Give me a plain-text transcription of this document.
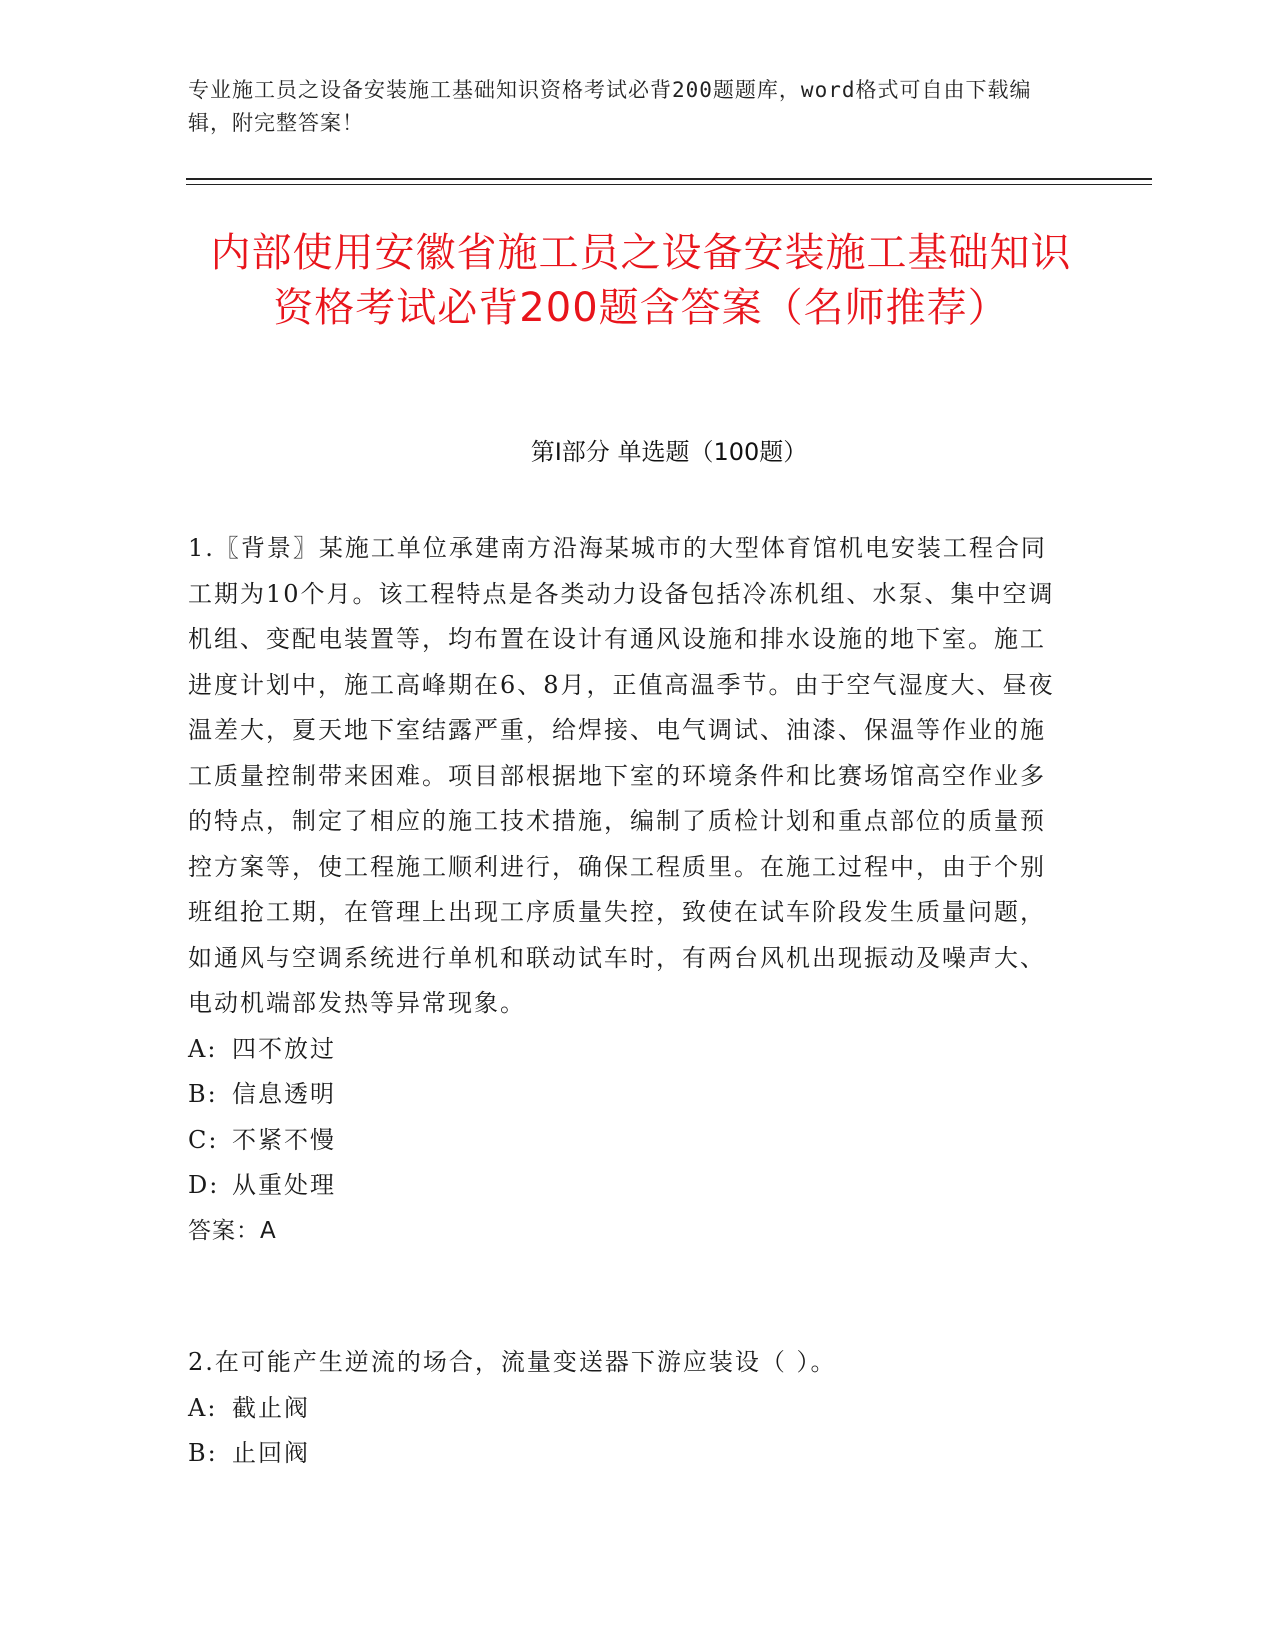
专业施工员之设备安装施工基础知识资格考试必背200题题库，word格式可自由下载编辑，附完整答案！
内部使用安徽省施工员之设备安装施工基础知识资格考试必背200题含答案（名师推荐）
第I部分 单选题（100题）

1.〖背景〗某施工单位承建南方沿海某城市的大型体育馆机电安装工程合同工期为10个月。该工程特点是各类动力设备包括冷冻机组、水泵、集中空调机组、变配电装置等，均布置在设计有通风设施和排水设施的地下室。施工进度计划中，施工高峰期在6、8月，正值高温季节。由于空气湿度大、昼夜温差大，夏天地下室结露严重，给焊接、电气调试、油漆、保温等作业的施工质量控制带来困难。项目部根据地下室的环境条件和比赛场馆高空作业多的特点，制定了相应的施工技术措施，编制了质检计划和重点部位的质量预控方案等，使工程施工顺利进行，确保工程质里。在施工过程中，由于个别班组抢工期，在管理上出现工序质量失控，致使在试车阶段发生质量问题，如通风与空调系统进行单机和联动试车时，有两台风机出现振动及噪声大、电动机端部发热等异常现象。

A: 四不放过

B: 信息透明

C: 不紧不慢

D: 从重处理

答案：A

2.在可能产生逆流的场合，流量变送器下游应装设（ ）。

A: 截止阀

B: 止回阀
